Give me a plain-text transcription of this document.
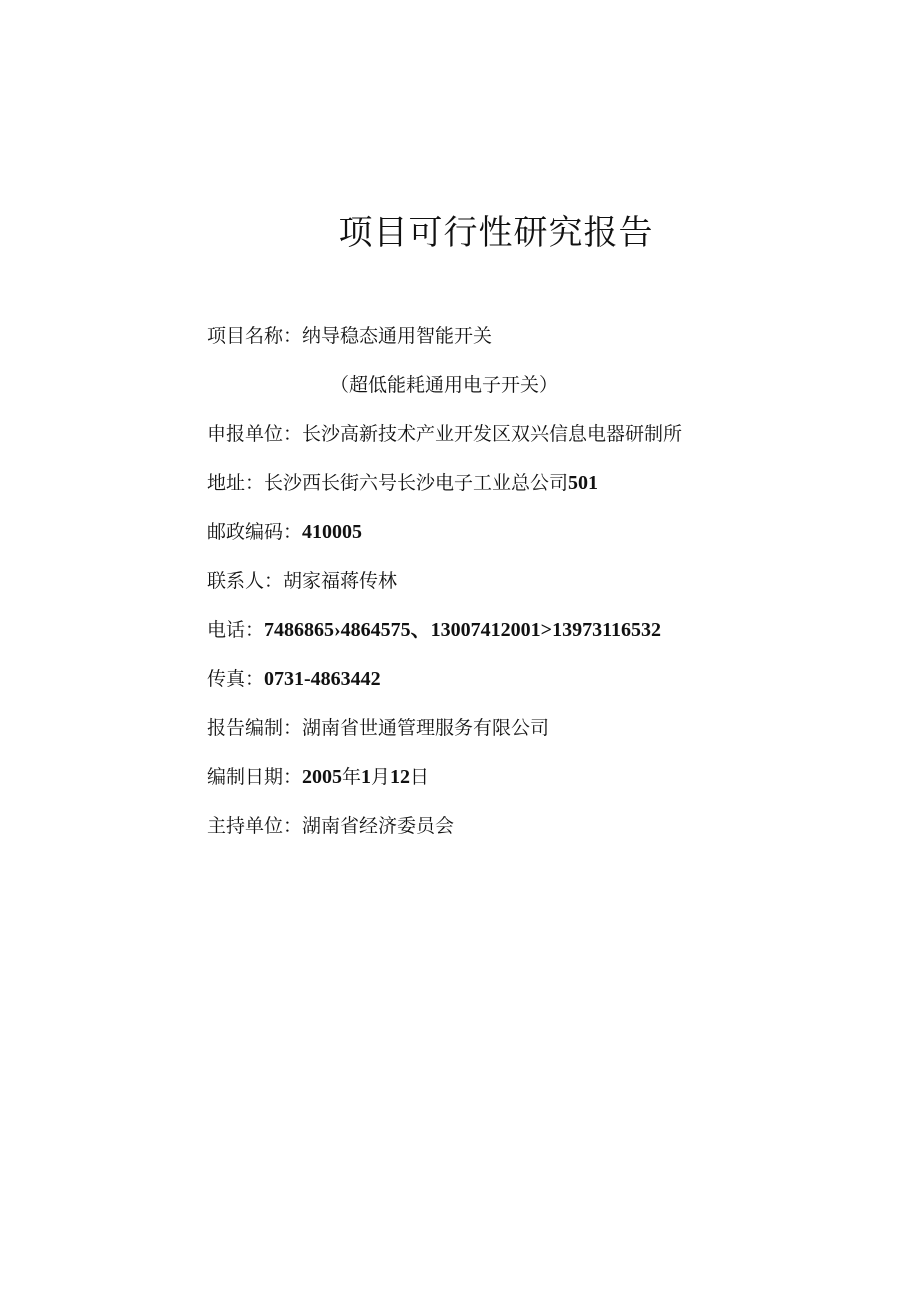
项目可行性研究报告
项目名称：纳导稳态通用智能开关
（超低能耗通用电子开关）
申报单位：长沙高新技术产业开发区双兴信息电器研制所
地址：长沙西长街六号长沙电子工业总公司501
邮政编码：410005
联系人：胡家福蒋传林
电话：7486865›4864575、13007412001>13973116532
传真：0731-4863442
报告编制：湖南省世通管理服务有限公司
编制日期：2005年1月12日
主持单位：湖南省经济委员会
